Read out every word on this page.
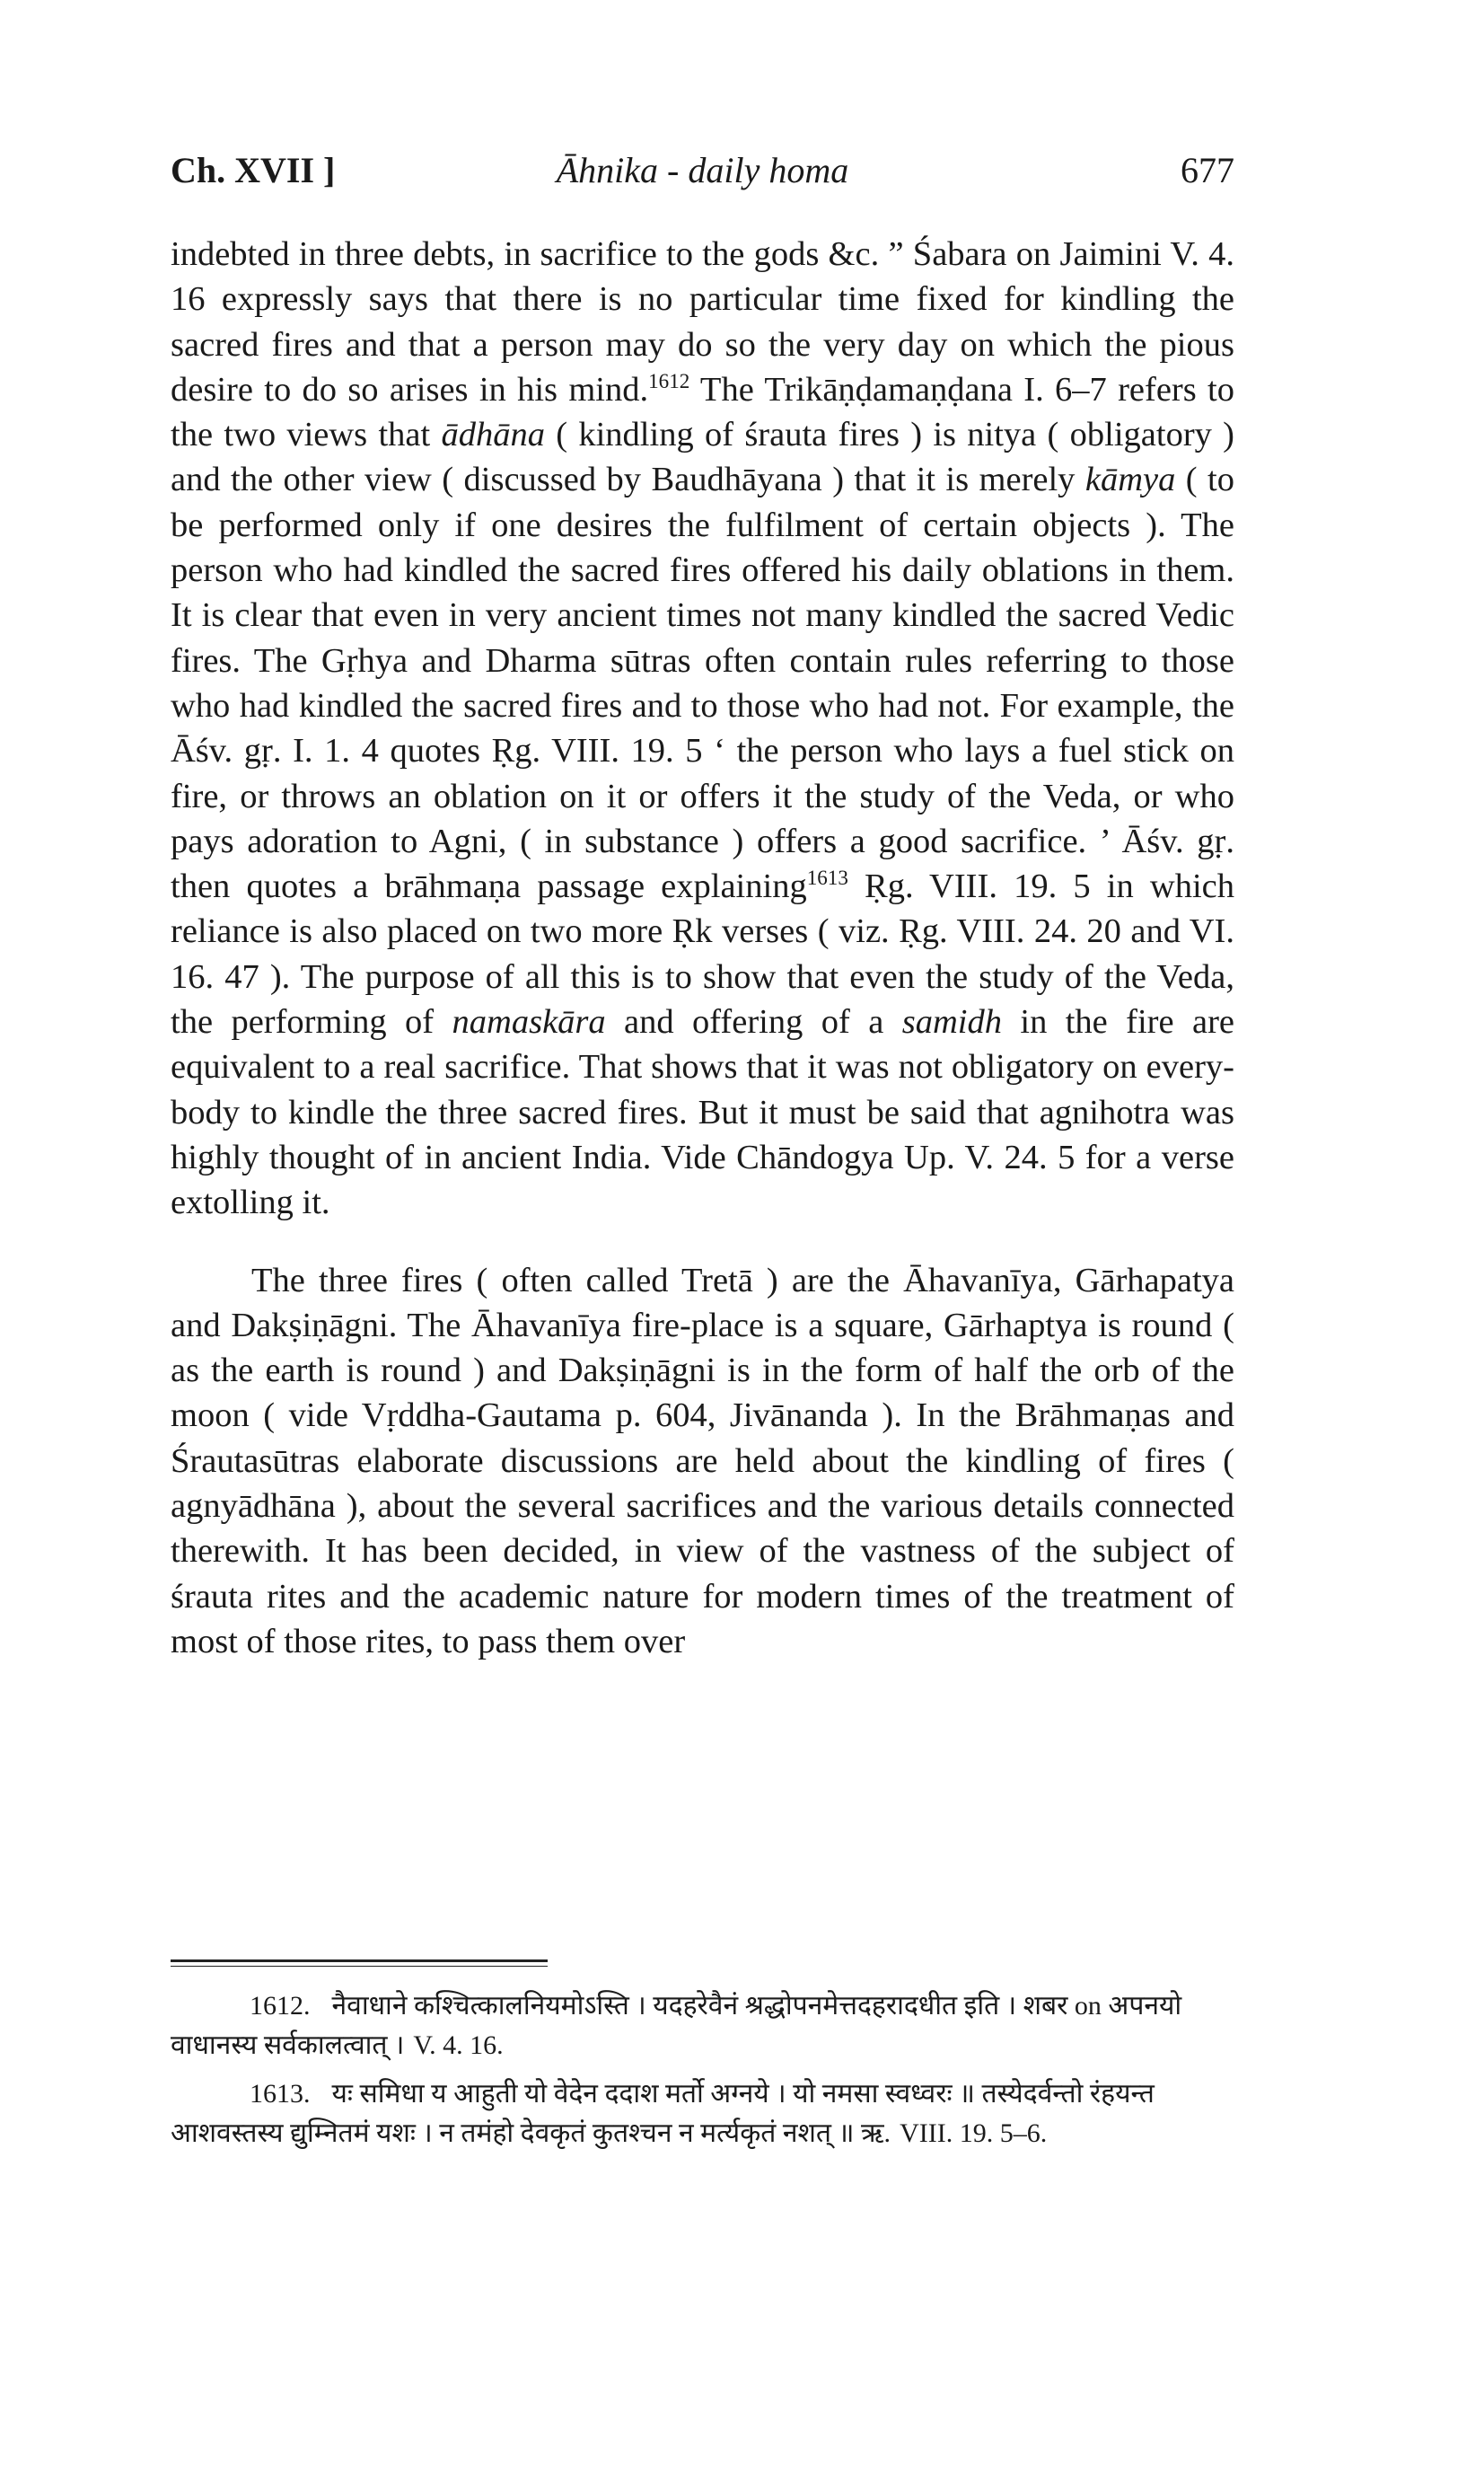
Ch. XVII ]	Āhnika - daily homa	677

indebted in three debts, in sacrifice to the gods &c. ” Śabara on Jaimini V. 4. 16 expressly says that there is no particular time fixed for kindling the sacred fires and that a person may do so the very day on which the pious desire to do so arises in his mind.$^{1612}$ The Trikāṇḍamaṇḍana I. 6–7 refers to the two views that ādhāna ( kindling of śrauta fires ) is nitya ( obligatory ) and the other view ( discussed by Baudhāyana ) that it is merely kāmya ( to be performed only if one desires the fulfilment of certain objects ). The person who had kindled the sacred fires offered his daily oblations in them. It is clear that even in very ancient times not many kindled the sacred Vedic fires. The Gṛhya and Dharma sūtras often contain rules referring to those who had kindled the sacred fires and to those who had not. For example, the Āśv. gṛ. I. 1. 4 quotes Ṛg. VIII. 19. 5 ‘ the person who lays a fuel stick on fire, or throws an oblation on it or offers it the study of the Veda, or who pays adoration to Agni, ( in substance ) offers a good sacrifice. ’ Āśv. gṛ. then quotes a brāhmaṇa passage explaining$^{1613}$ Ṛg. VIII. 19. 5 in which reliance is also placed on two more Ṛk verses ( viz. Ṛg. VIII. 24. 20 and VI. 16. 47 ). The purpose of all this is to show that even the study of the Veda, the performing of namaskāra and offering of a samidh in the fire are equivalent to a real sacrifice. That shows that it was not obligatory on every-body to kindle the three sacred fires. But it must be said that agnihotra was highly thought of in ancient India. Vide Chāndogya Up. V. 24. 5 for a verse extolling it.

The three fires ( often called Tretā ) are the Āhavanīya, Gārhapatya and Dakṣiṇāgni. The Āhavanīya fire-place is a square, Gārhaptya is round ( as the earth is round ) and Dakṣiṇāgni is in the form of half the orb of the moon ( vide Vṛddha-Gautama p. 604, Jivānanda ). In the Brāhmaṇas and Śrautasūtras elaborate discussions are held about the kindling of fires ( agnyādhāna ), about the several sacrifices and the various details connected therewith. It has been decided, in view of the vastness of the subject of śrauta rites and the academic nature for modern times of the treatment of most of those rites, to pass them over

1612. नैवाधाने कश्चित्कालनियमोऽस्ति । यदहरेवैनं श्रद्धोपनमेत्तदहरादधीत इति । शबर on अपनयो वाधानस्य सर्वकालत्वात् । V. 4. 16.

1613. यः समिधा य आहुती यो वेदेन ददाश मर्तो अग्नये । यो नमसा स्वध्वरः ॥ तस्येदर्वन्तो रंहयन्त आशवस्तस्य द्युम्नितमं यशः । न तमंहो देवकृतं कुतश्चन न मर्त्यकृतं नशत् ॥ ऋ. VIII. 19. 5–6.
